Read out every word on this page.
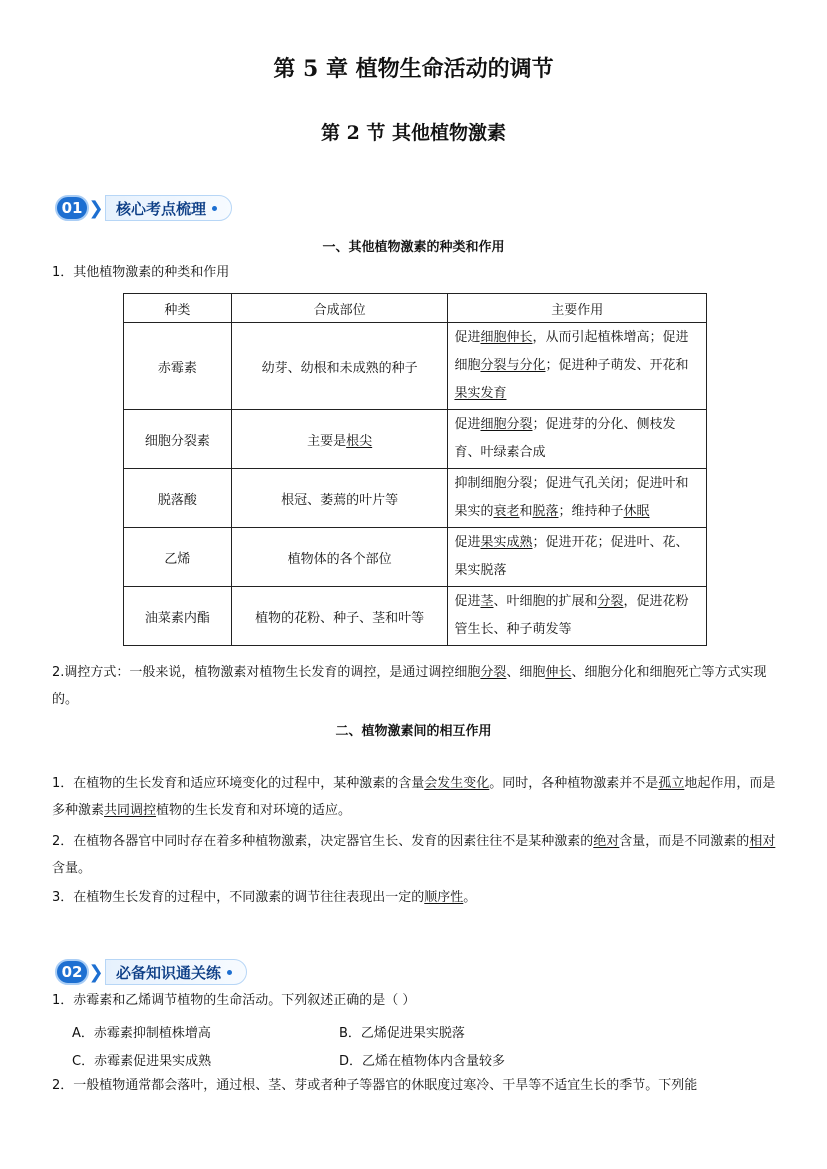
第 5 章 植物生命活动的调节
第 2 节 其他植物激素
01 ❯ 核心考点梳理
一、其他植物激素的种类和作用
1．其他植物激素的种类和作用
种类	合成部位	主要作用
赤霉素	幼芽、幼根和未成熟的种子	促进细胞伸长，从而引起植株增高；促进细胞分裂与分化；促进种子萌发、开花和果实发育
细胞分裂素	主要是根尖	促进细胞分裂；促进芽的分化、侧枝发育、叶绿素合成
脱落酸	根冠、萎蔫的叶片等	抑制细胞分裂；促进气孔关闭；促进叶和果实的衰老和脱落；维持种子休眠
乙烯	植物体的各个部位	促进果实成熟；促进开花；促进叶、花、果实脱落
油菜素内酯	植物的花粉、种子、茎和叶等	促进茎、叶细胞的扩展和分裂，促进花粉管生长、种子萌发等
2.调控方式：一般来说，植物激素对植物生长发育的调控，是通过调控细胞分裂、细胞伸长、细胞分化和细胞死亡等方式实现的。
二、植物激素间的相互作用
1．在植物的生长发育和适应环境变化的过程中，某种激素的含量会发生变化。同时，各种植物激素并不是孤立地起作用，而是多种激素共同调控植物的生长发育和对环境的适应。
2．在植物各器官中同时存在着多种植物激素，决定器官生长、发育的因素往往不是某种激素的绝对含量，而是不同激素的相对含量。
3．在植物生长发育的过程中，不同激素的调节往往表现出一定的顺序性。
02 ❯ 必备知识通关练
1．赤霉素和乙烯调节植物的生命活动。下列叙述正确的是（ ）
A．赤霉素抑制植株增高	B．乙烯促进果实脱落
C．赤霉素促进果实成熟	D．乙烯在植物体内含量较多
2．一般植物通常都会落叶，通过根、茎、芽或者种子等器官的休眠度过寒冷、干旱等不适宜生长的季节。下列能
